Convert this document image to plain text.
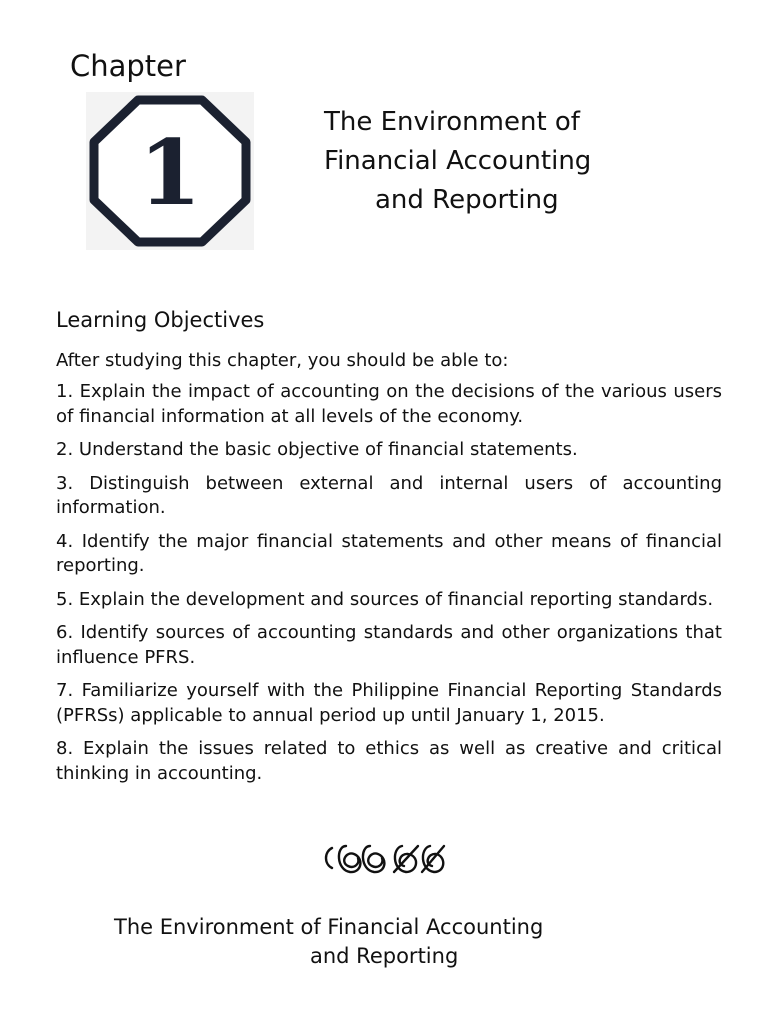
Chapter
1	The Environment of
Financial Accounting
and Reporting
Learning Objectives

After studying this chapter, you should be able to:

1. Explain the impact of accounting on the decisions of the various users of financial information at all levels of the economy.
2. Understand the basic objective of financial statements.
3. Distinguish between external and internal users of accounting information.
4. Identify the major financial statements and other means of financial reporting.
5. Explain the development and sources of financial reporting standards.
6. Identify sources of accounting standards and other organizations that influence PFRS.
7. Familiarize yourself with the Philippine Financial Reporting Standards (PFRSs) applicable to annual period up until January 1, 2015.
8. Explain the issues related to ethics as well as creative and critical thinking in accounting.
The Environment of Financial Accounting
and Reporting
